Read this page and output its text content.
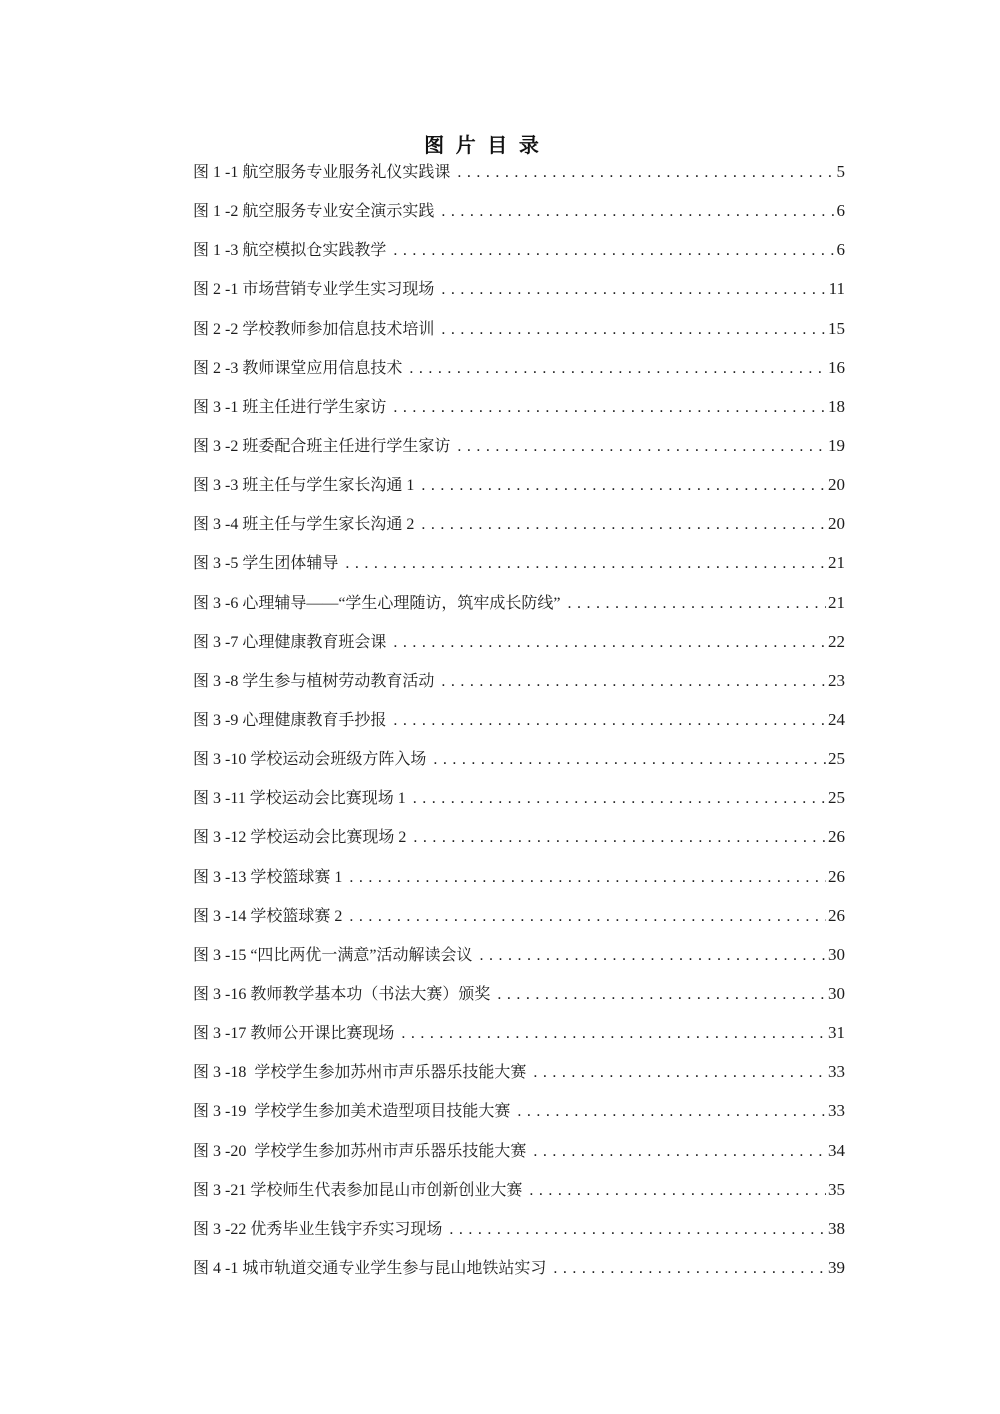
图 片 目 录
图 1 -1 航空服务专业服务礼仪实践课 .....	5
图 1 -2 航空服务专业安全演示实践 .....	6
图 1 -3 航空模拟仓实践教学 .....	6
图 2 -1 市场营销专业学生实习现场 .....	11
图 2 -2 学校教师参加信息技术培训 .....	15
图 2 -3 教师课堂应用信息技术 .....	16
图 3 -1 班主任进行学生家访 .....	18
图 3 -2 班委配合班主任进行学生家访 .....	19
图 3 -3 班主任与学生家长沟通 1 .....	20
图 3 -4 班主任与学生家长沟通 2 .....	20
图 3 -5 学生团体辅导 .....	21
图 3 -6 心理辅导——“学生心理随访，筑牢成长防线” .....	21
图 3 -7 心理健康教育班会课 .....	22
图 3 -8 学生参与植树劳动教育活动 .....	23
图 3 -9 心理健康教育手抄报 .....	24
图 3 -10 学校运动会班级方阵入场 .....	25
图 3 -11 学校运动会比赛现场 1 .....	25
图 3 -12 学校运动会比赛现场 2 .....	26
图 3 -13 学校篮球赛 1 .....	26
图 3 -14 学校篮球赛 2 .....	26
图 3 -15 “四比两优一满意”活动解读会议 .....	30
图 3 -16 教师教学基本功（书法大赛）颁奖 .....	30
图 3 -17 教师公开课比赛现场 .....	31
图 3 -18  学校学生参加苏州市声乐器乐技能大赛 .....	33
图 3 -19  学校学生参加美术造型项目技能大赛 .....	33
图 3 -20  学校学生参加苏州市声乐器乐技能大赛 .....	34
图 3 -21 学校师生代表参加昆山市创新创业大赛 .....	35
图 3 -22 优秀毕业生钱宇乔实习现场 .....	38
图 4 -1 城市轨道交通专业学生参与昆山地铁站实习 .....	39
